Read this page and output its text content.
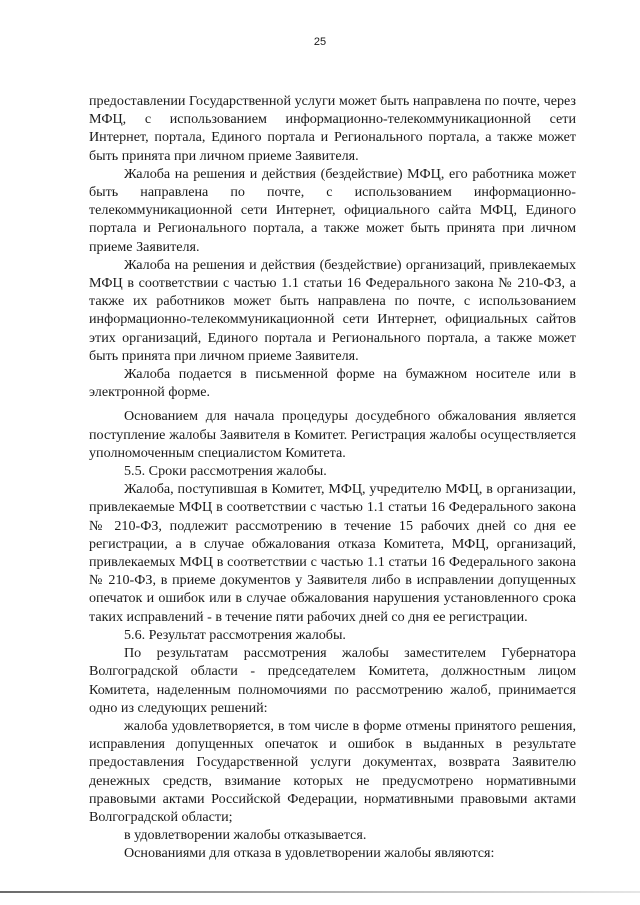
25

предоставлении Государственной услуги может быть направлена по почте, через МФЦ, с использованием информационно-телекоммуникационной сети Интернет, портала, Единого портала и Регионального портала, а также может быть принята при личном приеме Заявителя.

Жалоба на решения и действия (бездействие) МФЦ, его работника может быть направлена по почте, с использованием информационно-телекоммуникационной сети Интернет, официального сайта МФЦ, Единого портала и Регионального портала, а также может быть принята при личном приеме Заявителя.

Жалоба на решения и действия (бездействие) организаций, привлекаемых МФЦ в соответствии с частью 1.1 статьи 16 Федерального закона № 210-ФЗ, а также их работников может быть направлена по почте, с использованием информационно-телекоммуникационной сети Интернет, официальных сайтов этих организаций, Единого портала и Регионального портала, а также может быть принята при личном приеме Заявителя.

Жалоба подается в письменной форме на бумажном носителе или в электронной форме.

Основанием для начала процедуры досудебного обжалования является поступление жалобы Заявителя в Комитет. Регистрация жалобы осуществляется уполномоченным специалистом Комитета.

5.5. Сроки рассмотрения жалобы.

Жалоба, поступившая в Комитет, МФЦ, учредителю МФЦ, в организации, привлекаемые МФЦ в соответствии с частью 1.1 статьи 16 Федерального закона № 210-ФЗ, подлежит рассмотрению в течение 15 рабочих дней со дня ее регистрации, а в случае обжалования отказа Комитета, МФЦ, организаций, привлекаемых МФЦ в соответствии с частью 1.1 статьи 16 Федерального закона № 210-ФЗ, в приеме документов у Заявителя либо в исправлении допущенных опечаток и ошибок или в случае обжалования нарушения установленного срока таких исправлений - в течение пяти рабочих дней со дня ее регистрации.

5.6. Результат рассмотрения жалобы.

По результатам рассмотрения жалобы заместителем Губернатора Волгоградской области - председателем Комитета, должностным лицом Комитета, наделенным полномочиями по рассмотрению жалоб, принимается одно из следующих решений:

жалоба удовлетворяется, в том числе в форме отмены принятого решения, исправления допущенных опечаток и ошибок в выданных в результате предоставления Государственной услуги документах, возврата Заявителю денежных средств, взимание которых не предусмотрено нормативными правовыми актами Российской Федерации, нормативными правовыми актами Волгоградской области;

в удовлетворении жалобы отказывается.

Основаниями для отказа в удовлетворении жалобы являются:
